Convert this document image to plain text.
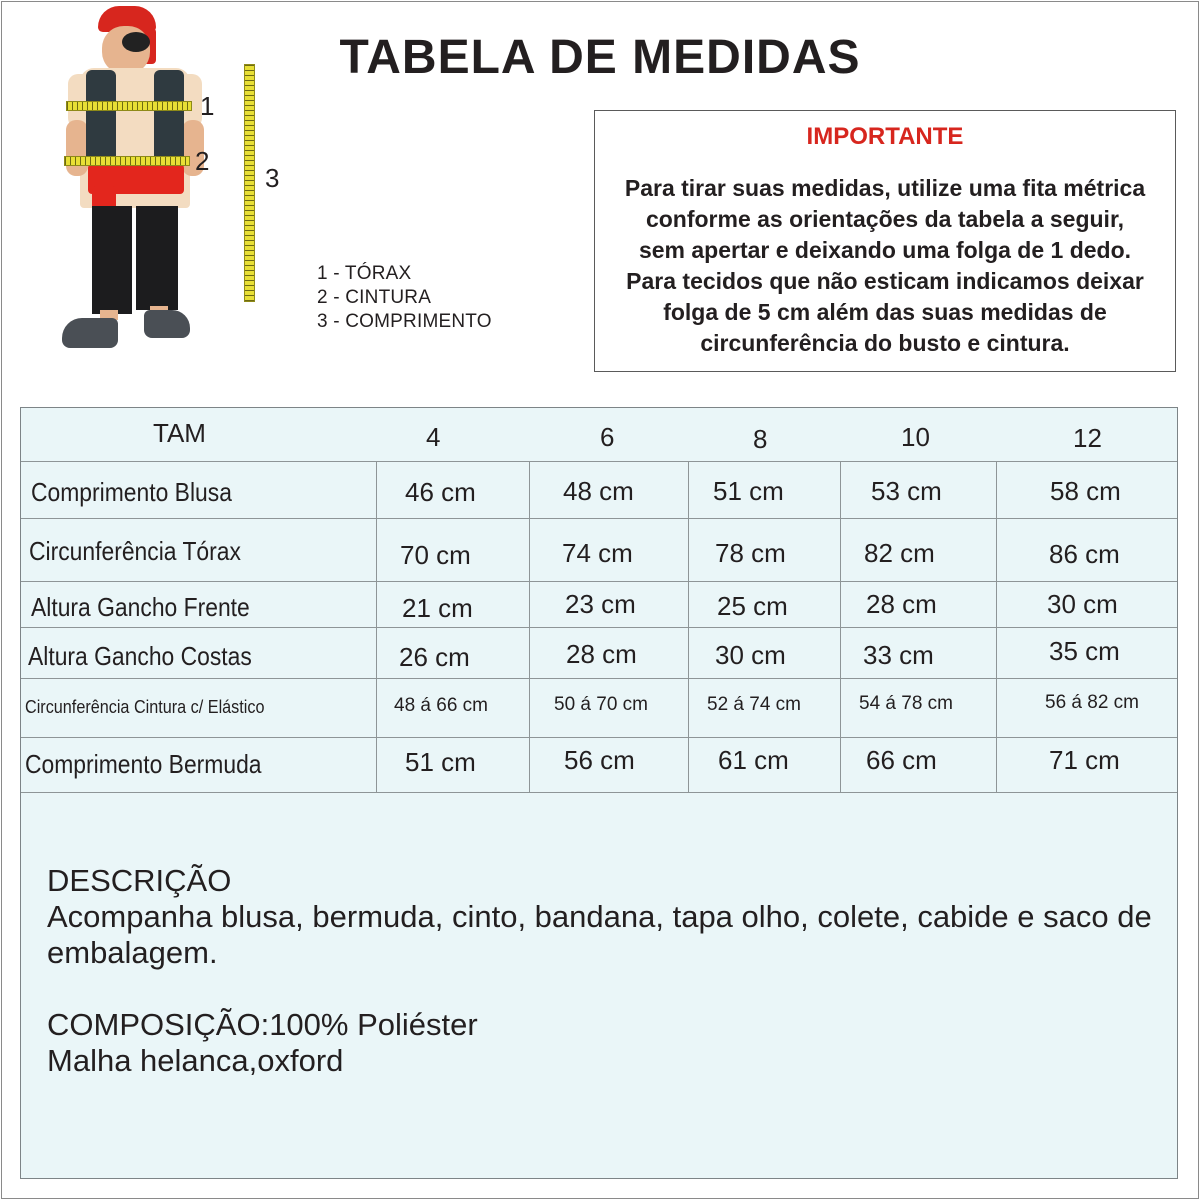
TABELA DE MEDIDAS
1
2
3
1 - TÓRAX
2 - CINTURA
3 - COMPRIMENTO
IMPORTANTE
Para tirar suas medidas, utilize uma fita métrica
conforme as orientações da tabela a seguir,
sem apertar e deixando uma folga de 1 dedo.
Para tecidos que não esticam indicamos deixar
folga de 5 cm além das suas medidas de
circunferência do busto e cintura.
TAM	4	6	8	10	12
Comprimento Blusa	46 cm	48 cm	51 cm	53 cm	58 cm
Circunferência Tórax	70 cm	74 cm	78 cm	82 cm	86 cm
Altura Gancho Frente	21 cm	23 cm	25 cm	28 cm	30 cm
Altura Gancho Costas	26 cm	28 cm	30 cm	33 cm	35 cm
Circunferência Cintura c/ Elástico	48 á 66 cm	50 á 70 cm	52 á 74 cm	54 á 78 cm	56 á 82 cm
Comprimento Bermuda	51 cm	56 cm	61 cm	66 cm	71 cm

DESCRIÇÃO

Acompanha blusa, bermuda, cinto, bandana, tapa olho, colete, cabide e saco de embalagem.

COMPOSIÇÃO:100% Poliéster

Malha helanca,oxford
